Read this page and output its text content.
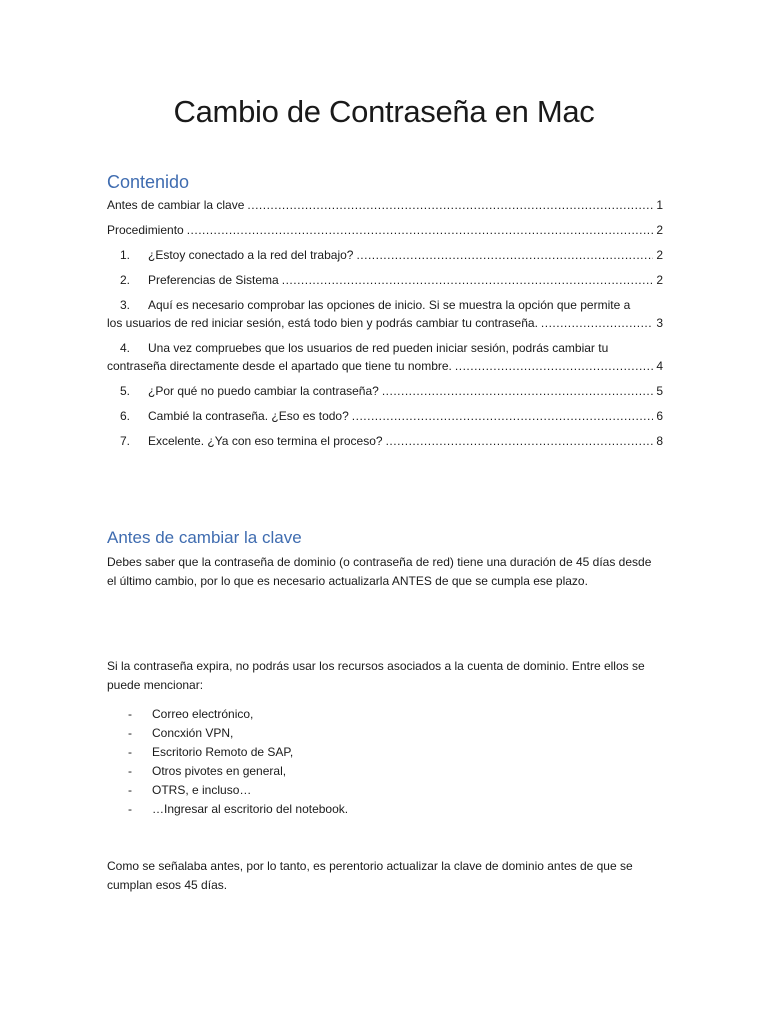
Cambio de Contraseña en Mac
Contenido
Antes de cambiar la clave .....	1
Procedimiento .....	2
1. ¿Estoy conectado a la red del trabajo? .....	2
2. Preferencias de Sistema .....	2
3. Aquí es necesario comprobar las opciones de inicio. Si se muestra la opción que permite a
los usuarios de red iniciar sesión, está todo bien y podrás cambiar tu contraseña. .....	3
4. Una vez compruebes que los usuarios de red pueden iniciar sesión, podrás cambiar tu
contraseña directamente desde el apartado que tiene tu nombre. .....	4
5. ¿Por qué no puedo cambiar la contraseña? .....	5
6. Cambié la contraseña. ¿Eso es todo? .....	6
7. Excelente. ¿Ya con eso termina el proceso? .....	8
Antes de cambiar la clave

Debes saber que la contraseña de dominio (o contraseña de red) tiene una duración de 45 días desde el último cambio, por lo que es necesario actualizarla ANTES de que se cumpla ese plazo.

Si la contraseña expira, no podrás usar los recursos asociados a la cuenta de dominio. Entre ellos se puede mencionar:

-	Correo electrónico,
-	Concxión VPN,
-	Escritorio Remoto de SAP,
-	Otros pivotes en general,
-	OTRS, e incluso…
-	…Ingresar al escritorio del notebook.

Como se señalaba antes, por lo tanto, es perentorio actualizar la clave de dominio antes de que se cumplan esos 45 días.
